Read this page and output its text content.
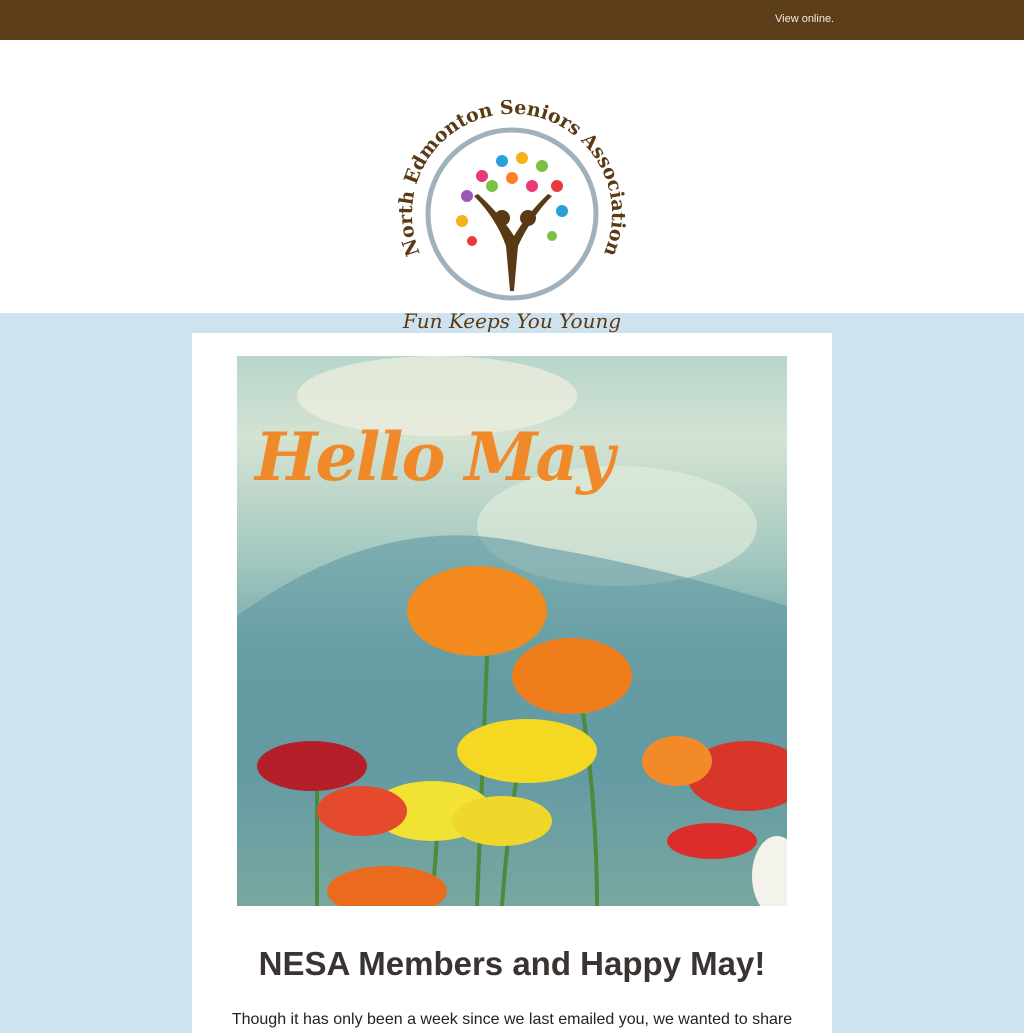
View online.
North Edmonton Seniors Association
Fun Keeps You Young
Hello May
NESA Members and Happy May!
Though it has only been a week since we last emailed you, we wanted to share
